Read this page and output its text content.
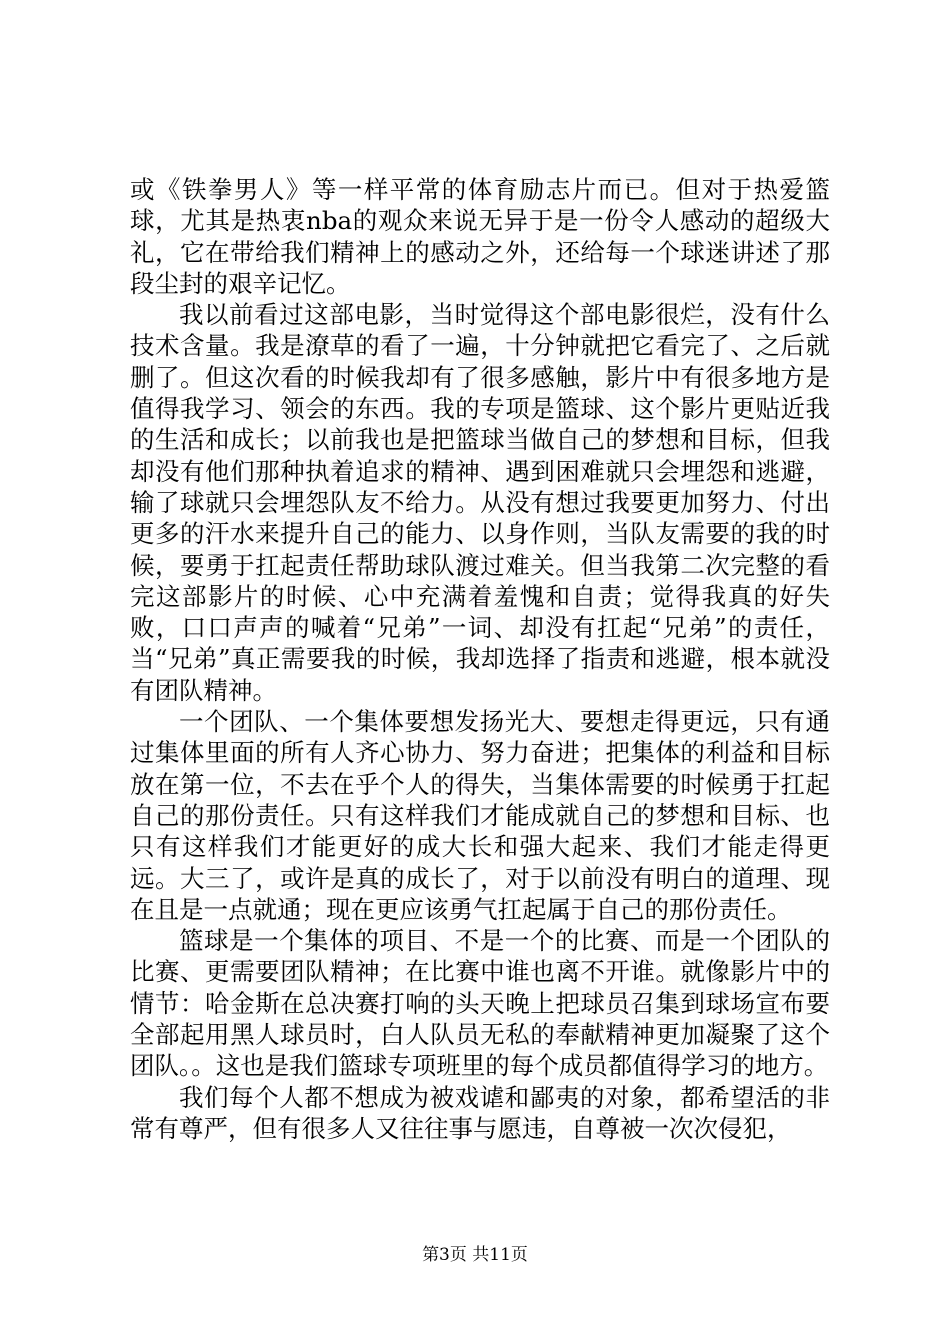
或《铁拳男人》等一样平常的体育励志片而已。但对于热爱篮球，尤其是热衷nba的观众来说无异于是一份令人感动的超级大礼，它在带给我们精神上的感动之外，还给每一个球迷讲述了那段尘封的艰辛记忆。

我以前看过这部电影，当时觉得这个部电影很烂，没有什么技术含量。我是潦草的看了一遍，十分钟就把它看完了、之后就删了。但这次看的时候我却有了很多感触，影片中有很多地方是值得我学习、领会的东西。我的专项是篮球、这个影片更贴近我的生活和成长；以前我也是把篮球当做自己的梦想和目标，但我却没有他们那种执着追求的精神、遇到困难就只会埋怨和逃避，输了球就只会埋怨队友不给力。从没有想过我要更加努力、付出更多的汗水来提升自己的能力、以身作则，当队友需要的我的时候，要勇于扛起责任帮助球队渡过难关。但当我第二次完整的看完这部影片的时候、心中充满着羞愧和自责；觉得我真的好失败，口口声声的喊着“兄弟”一词、却没有扛起“兄弟”的责任，当“兄弟”真正需要我的时候，我却选择了指责和逃避，根本就没有团队精神。

一个团队、一个集体要想发扬光大、要想走得更远，只有通过集体里面的所有人齐心协力、努力奋进；把集体的利益和目标放在第一位，不去在乎个人的得失，当集体需要的时候勇于扛起自己的那份责任。只有这样我们才能成就自己的梦想和目标、也只有这样我们才能更好的成大长和强大起来、我们才能走得更远。大三了，或许是真的成长了，对于以前没有明白的道理、现在且是一点就通；现在更应该勇气扛起属于自己的那份责任。

篮球是一个集体的项目、不是一个的比赛、而是一个团队的比赛、更需要团队精神；在比赛中谁也离不开谁。就像影片中的情节：哈金斯在总决赛打响的头天晚上把球员召集到球场宣布要全部起用黑人球员时，白人队员无私的奉献精神更加凝聚了这个团队。。这也是我们篮球专项班里的每个成员都值得学习的地方。

我们每个人都不想成为被戏谑和鄙夷的对象，都希望活的非常有尊严，但有很多人又往往事与愿违，自尊被一次次侵犯，

第3页 共11页
